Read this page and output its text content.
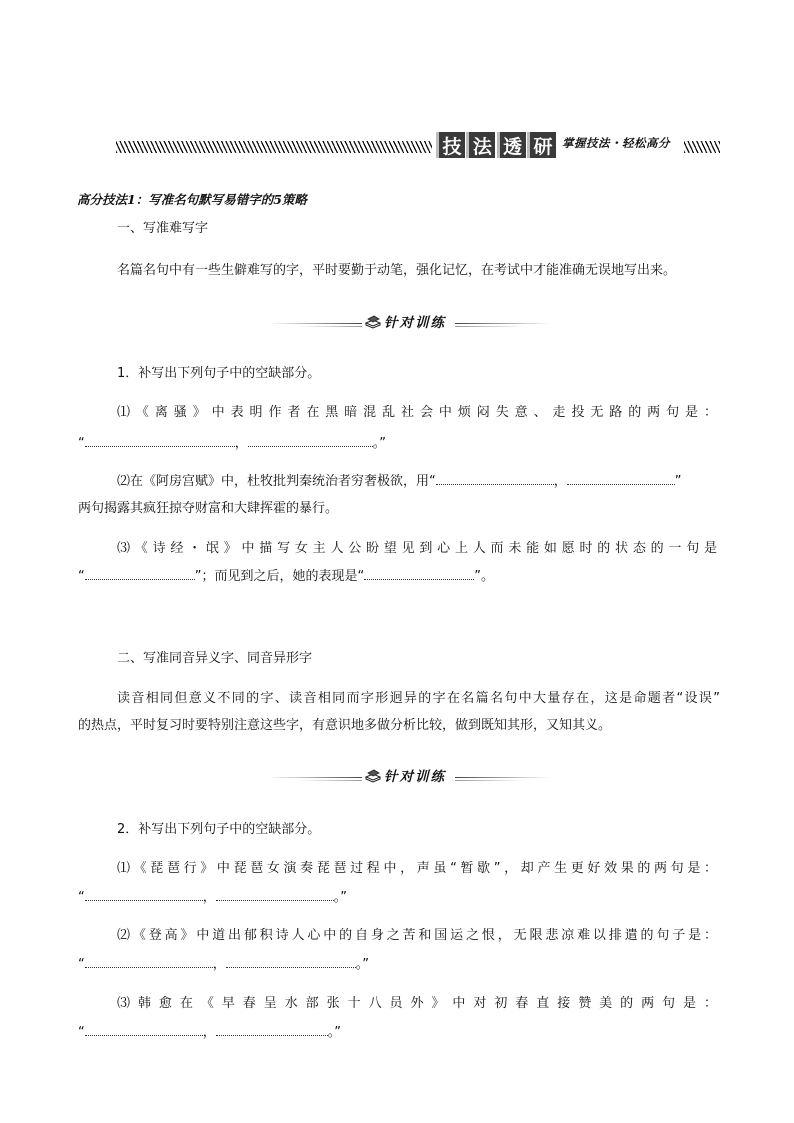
技 法 透 研 掌握技法・轻松高分
高分技法1：写准名句默写易错字的5策略
一、写准难写字
名篇名句中有一些生僻难写的字，平时要勤于动笔，强化记忆，在考试中才能准确无误地写出来。
针对训练
1．补写出下列句子中的空缺部分。
⑴《离骚》中表明作者在黑暗混乱社会中烦闷失意、走投无路的两句是：
“	，	。”
⑵在《阿房宫赋》中，杜牧批判秦统治者穷奢极欲，用“	，	”
两句揭露其疯狂掠夺财富和大肆挥霍的暴行。
⑶《诗经・氓》中描写女主人公盼望见到心上人而未能如愿时的状态的一句是
“	”；而见到之后，她的表现是“	”。
二、写准同音异义字、同音异形字
读音相同但意义不同的字、读音相同而字形迥异的字在名篇名句中大量存在，这是命题者“设误”
的热点，平时复习时要特别注意这些字，有意识地多做分析比较，做到既知其形，又知其义。
针对训练
2．补写出下列句子中的空缺部分。
⑴《琵琶行》中琵琶女演奏琵琶过程中，声虽“暂歇”，却产生更好效果的两句是：
“	，	。”
⑵《登高》中道出郁积诗人心中的自身之苦和国运之恨，无限悲凉难以排遣的句子是：
“	，	。”
⑶韩愈在《早春呈水部张十八员外》中对初春直接赞美的两句是：
“	，	。”
